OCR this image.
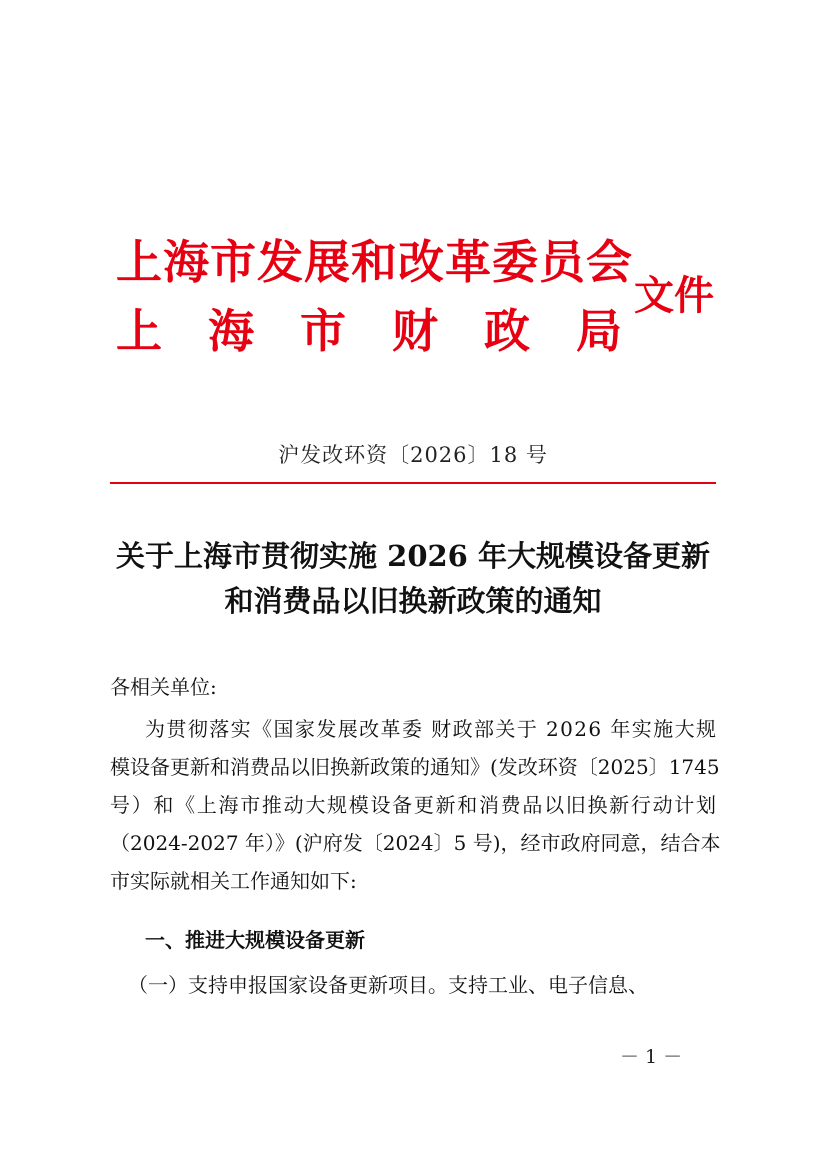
上海市发展和改革委员会
上 海 市 财 政 局
文件

沪发改环资〔2026〕18 号

关于上海市贯彻实施 2026 年大规模设备更新
和消费品以旧换新政策的通知

各相关单位:

为贯彻落实《国家发展改革委 财政部关于 2026 年实施大规

模设备更新和消费品以旧换新政策的通知》(发改环资〔2025〕1745

号）和《上海市推动大规模设备更新和消费品以旧换新行动计划

（2024-2027 年）》(沪府发〔2024〕5 号)，经市政府同意，结合本

市实际就相关工作通知如下:

一、推进大规模设备更新

（一）支持申报国家设备更新项目。支持工业、电子信息、

－ 1 －
